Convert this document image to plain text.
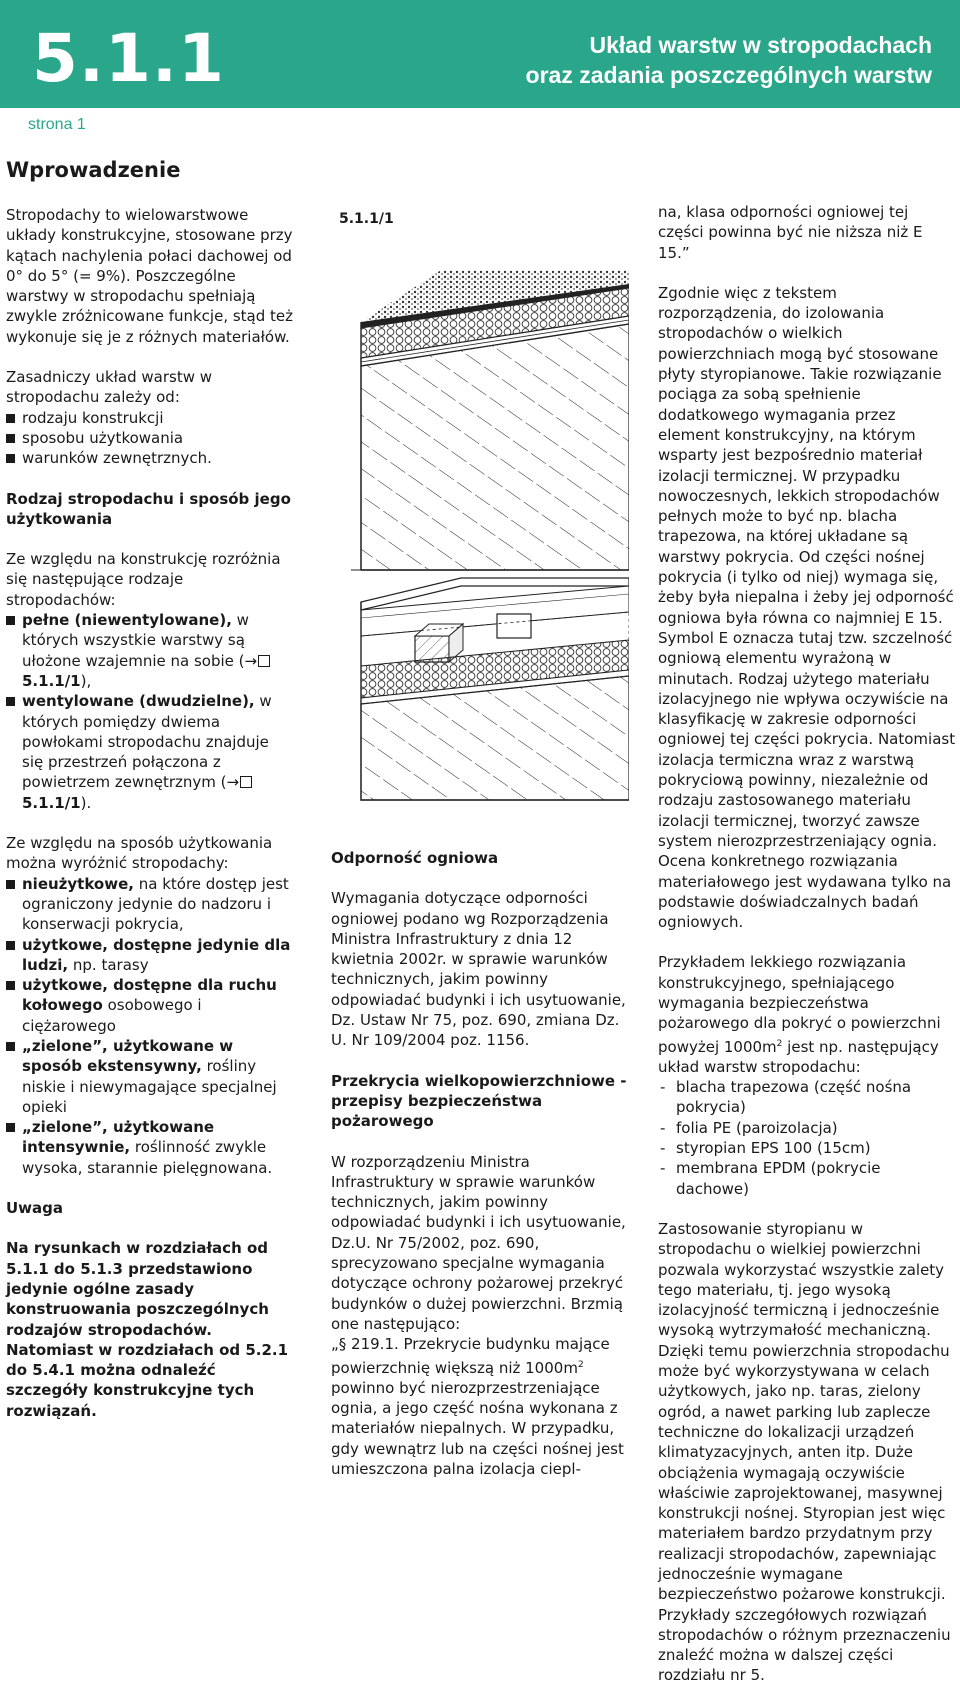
5.1.1	Układ warstw w stropodachach
oraz zadania poszczególnych warstw
strona 1
Wprowadzenie

Stropodachy to wielowarstwowe układy konstrukcyjne, stosowane przy kątach nachylenia połaci dachowej od 0° do 5° (= 9%). Poszczególne warstwy w stropodachu spełniają zwykle zróżnicowane funkcje, stąd też wykonuje się je z różnych materiałów.

Zasadniczy układ warstw w stropodachu zależy od:

rodzaju konstrukcji
sposobu użytkowania
warunków zewnętrznych.

Rodzaj stropodachu i sposób jego użytkowania

Ze względu na konstrukcję rozróżnia się następujące rodzaje stropodachów:

pełne (niewentylowane), w których wszystkie warstwy są ułożone wzajemnie na sobie (→ 5.1.1/1),
wentylowane (dwudzielne), w których pomiędzy dwiema powłokami stropodachu znajduje się przestrzeń połączona z powietrzem zewnętrznym (→ 5.1.1/1).

Ze względu na sposób użytkowania można wyróżnić stropodachy:

nieużytkowe, na które dostęp jest ograniczony jedynie do nadzoru i konserwacji pokrycia,
użytkowe, dostępne jedynie dla ludzi, np. tarasy
użytkowe, dostępne dla ruchu kołowego osobowego i ciężarowego
„zielone”, użytkowane w sposób ekstensywny, rośliny niskie i niewymagające specjalnej opieki
„zielone”, użytkowane intensywnie, roślinność zwykle wysoka, starannie pielęgnowana.

Uwaga

Na rysunkach w rozdziałach od 5.1.1 do 5.1.3 przedstawiono jedynie ogólne zasady konstruowania poszczególnych rodzajów stropodachów. Natomiast w rozdziałach od 5.2.1 do 5.4.1 można odnaleźć szczegóły konstrukcyjne tych rozwiązań.

5.1.1/1

Odporność ogniowa

Wymagania dotyczące odporności ogniowej podano wg Rozporządzenia Ministra Infrastruktury z dnia 12 kwietnia 2002r. w sprawie warunków technicznych, jakim powinny odpowiadać budynki i ich usytuowanie, Dz. Ustaw Nr 75, poz. 690, zmiana Dz. U. Nr 109/2004 poz. 1156.

Przekrycia wielkopowierzchniowe - przepisy bezpieczeństwa pożarowego

W rozporządzeniu Ministra Infrastruktury w sprawie warunków technicznych, jakim powinny odpowiadać budynki i ich usytuowanie, Dz.U. Nr 75/2002, poz. 690, sprecyzowano specjalne wymagania dotyczące ochrony pożarowej przekryć budynków o dużej powierzchni. Brzmią one następująco:

„§ 219.1. Przekrycie budynku mające powierzchnię większą niż $1000m^2$ powinno być nierozprzestrzeniające ognia, a jego część nośna wykonana z materiałów niepalnych. W przypadku, gdy wewnątrz lub na części nośnej jest umieszczona palna izolacja ciepl-

na, klasa odporności ogniowej tej części powinna być nie niższa niż E 15.”

Zgodnie więc z tekstem rozporządzenia, do izolowania stropodachów o wielkich powierzchniach mogą być stosowane płyty styropianowe. Takie rozwiązanie pociąga za sobą spełnienie dodatkowego wymagania przez element konstrukcyjny, na którym wsparty jest bezpośrednio materiał izolacji termicznej. W przypadku nowoczesnych, lekkich stropodachów pełnych może to być np. blacha trapezowa, na której układane są warstwy pokrycia. Od części nośnej pokrycia (i tylko od niej) wymaga się, żeby była niepalna i żeby jej odporność ogniowa była równa co najmniej E 15. Symbol E oznacza tutaj tzw. szczelność ogniową elementu wyrażoną w minutach. Rodzaj użytego materiału izolacyjnego nie wpływa oczywiście na klasyfikację w zakresie odporności ogniowej tej części pokrycia. Natomiast izolacja termiczna wraz z warstwą pokryciową powinny, niezależnie od rodzaju zastosowanego materiału izolacji termicznej, tworzyć zawsze system nierozprzestrzeniający ognia. Ocena konkretnego rozwiązania materiałowego jest wydawana tylko na podstawie doświadczalnych badań ogniowych.

Przykładem lekkiego rozwiązania konstrukcyjnego, spełniającego wymagania bezpieczeństwa pożarowego dla pokryć o powierzchni powyżej $1000m^2$ jest np. następujący układ warstw stropodachu:

- blacha trapezowa (część nośna pokrycia)
- folia PE (paroizolacja)
- styropian EPS 100 (15cm)
- membrana EPDM (pokrycie dachowe)

Zastosowanie styropianu w stropodachu o wielkiej powierzchni pozwala wykorzystać wszystkie zalety tego materiału, tj. jego wysoką izolacyjność termiczną i jednocześnie wysoką wytrzymałość mechaniczną. Dzięki temu powierzchnia stropodachu może być wykorzystywana w celach użytkowych, jako np. taras, zielony ogród, a nawet parking lub zaplecze techniczne do lokalizacji urządzeń klimatyzacyjnych, anten itp. Duże obciążenia wymagają oczywiście właściwie zaprojektowanej, masywnej konstrukcji nośnej. Styropian jest więc materiałem bardzo przydatnym przy realizacji stropodachów, zapewniając jednocześnie wymagane bezpieczeństwo pożarowe konstrukcji. Przykłady szczegółowych rozwiązań stropodachów o różnym przeznaczeniu znaleźć można w dalszej części rozdziału nr 5.
